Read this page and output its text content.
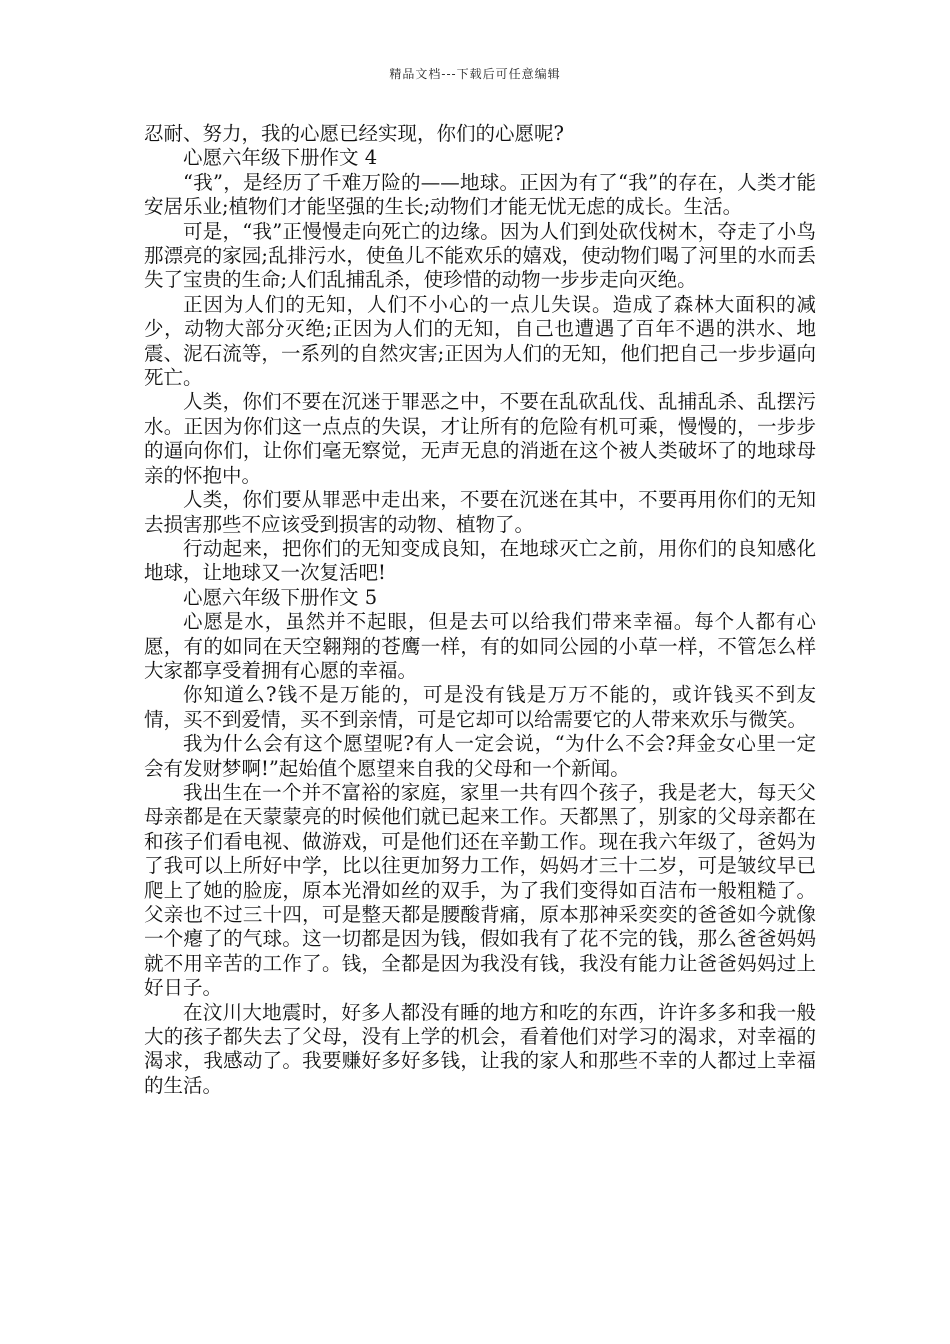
精品文档---下载后可任意编辑

忍耐、努力，我的心愿已经实现，你们的心愿呢?

心愿六年级下册作文 4

“我”，是经历了千难万险的——地球。正因为有了“我”的存在，人类才能安居乐业;植物们才能坚强的生长;动物们才能无忧无虑的成长。生活。

可是，“我”正慢慢走向死亡的边缘。因为人们到处砍伐树木，夺走了小鸟那漂亮的家园;乱排污水，使鱼儿不能欢乐的嬉戏，使动物们喝了河里的水而丢失了宝贵的生命;人们乱捕乱杀，使珍惜的动物一步步走向灭绝。

正因为人们的无知，人们不小心的一点儿失误。造成了森林大面积的减少，动物大部分灭绝;正因为人们的无知，自己也遭遇了百年不遇的洪水、地震、泥石流等，一系列的自然灾害;正因为人们的无知，他们把自己一步步逼向死亡。

人类，你们不要在沉迷于罪恶之中，不要在乱砍乱伐、乱捕乱杀、乱摆污水。正因为你们这一点点的失误，才让所有的危险有机可乘，慢慢的，一步步的逼向你们，让你们毫无察觉，无声无息的消逝在这个被人类破坏了的地球母亲的怀抱中。

人类，你们要从罪恶中走出来，不要在沉迷在其中，不要再用你们的无知去损害那些不应该受到损害的动物、植物了。

行动起来，把你们的无知变成良知，在地球灭亡之前，用你们的良知感化地球，让地球又一次复活吧!

心愿六年级下册作文 5

心愿是水，虽然并不起眼，但是去可以给我们带来幸福。每个人都有心愿，有的如同在天空翱翔的苍鹰一样，有的如同公园的小草一样，不管怎么样大家都享受着拥有心愿的幸福。

你知道么?钱不是万能的，可是没有钱是万万不能的，或许钱买不到友情，买不到爱情，买不到亲情，可是它却可以给需要它的人带来欢乐与微笑。

我为什么会有这个愿望呢?有人一定会说，“为什么不会?拜金女心里一定会有发财梦啊!”起始值个愿望来自我的父母和一个新闻。

我出生在一个并不富裕的家庭，家里一共有四个孩子，我是老大，每天父母亲都是在天蒙蒙亮的时候他们就已起来工作。天都黑了，别家的父母亲都在和孩子们看电视、做游戏，可是他们还在辛勤工作。现在我六年级了，爸妈为了我可以上所好中学，比以往更加努力工作，妈妈才三十二岁，可是皱纹早已爬上了她的脸庞，原本光滑如丝的双手，为了我们变得如百洁布一般粗糙了。父亲也不过三十四，可是整天都是腰酸背痛，原本那神采奕奕的爸爸如今就像一个瘪了的气球。这一切都是因为钱，假如我有了花不完的钱，那么爸爸妈妈就不用辛苦的工作了。钱，全都是因为我没有钱，我没有能力让爸爸妈妈过上好日子。

在汶川大地震时，好多人都没有睡的地方和吃的东西，许许多多和我一般大的孩子都失去了父母，没有上学的机会，看着他们对学习的渴求，对幸福的渴求，我感动了。我要赚好多好多钱，让我的家人和那些不幸的人都过上幸福的生活。
